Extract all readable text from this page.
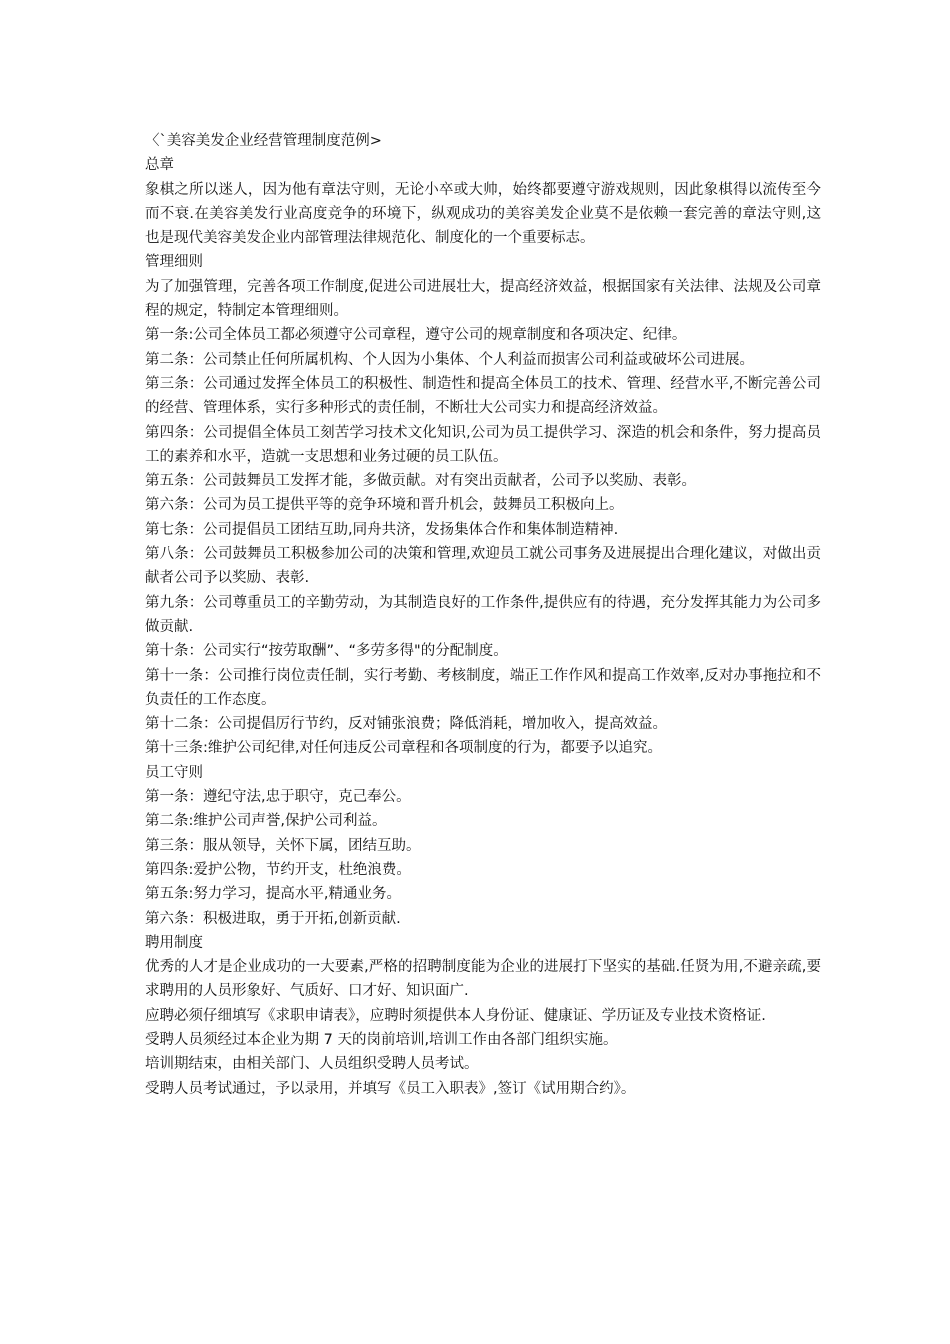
〈`美容美发企业经营管理制度范例>

总章

象棋之所以迷人，因为他有章法守则，无论小卒或大帅，始终都要遵守游戏规则，因此象棋得以流传至今而不衰.在美容美发行业高度竞争的环境下，纵观成功的美容美发企业莫不是依赖一套完善的章法守则,这也是现代美容美发企业内部管理法律规范化、制度化的一个重要标志。

管理细则

为了加强管理，完善各项工作制度,促进公司进展壮大，提高经济效益，根据国家有关法律、法规及公司章程的规定，特制定本管理细则。

第一条:公司全体员工都必须遵守公司章程，遵守公司的规章制度和各项决定、纪律。

第二条：公司禁止任何所属机构、个人因为小集体、个人利益而损害公司利益或破坏公司进展。

第三条：公司通过发挥全体员工的积极性、制造性和提高全体员工的技术、管理、经营水平,不断完善公司的经营、管理体系，实行多种形式的责任制，不断壮大公司实力和提高经济效益。

第四条：公司提倡全体员工刻苦学习技术文化知识,公司为员工提供学习、深造的机会和条件，努力提高员工的素养和水平，造就一支思想和业务过硬的员工队伍。

第五条：公司鼓舞员工发挥才能，多做贡献。对有突出贡献者，公司予以奖励、表彰。

第六条：公司为员工提供平等的竞争环境和晋升机会，鼓舞员工积极向上。

第七条：公司提倡员工团结互助,同舟共济，发扬集体合作和集体制造精神.

第八条：公司鼓舞员工积极参加公司的决策和管理,欢迎员工就公司事务及进展提出合理化建议，对做出贡献者公司予以奖励、表彰.

第九条：公司尊重员工的辛勤劳动，为其制造良好的工作条件,提供应有的待遇，充分发挥其能力为公司多做贡献.

第十条：公司实行“按劳取酬”、“多劳多得"的分配制度。

第十一条：公司推行岗位责任制，实行考勤、考核制度，端正工作作风和提高工作效率,反对办事拖拉和不负责任的工作态度。

第十二条：公司提倡厉行节约，反对铺张浪费；降低消耗，增加收入，提高效益。

第十三条:维护公司纪律,对任何违反公司章程和各项制度的行为，都要予以追究。

员工守则

第一条：遵纪守法,忠于职守，克己奉公。

第二条:维护公司声誉,保护公司利益。

第三条：服从领导，关怀下属，团结互助。

第四条:爱护公物，节约开支，杜绝浪费。

第五条:努力学习，提高水平,精通业务。

第六条：积极进取，勇于开拓,创新贡献.

聘用制度

优秀的人才是企业成功的一大要素,严格的招聘制度能为企业的进展打下坚实的基础.任贤为用,不避亲疏,要求聘用的人员形象好、气质好、口才好、知识面广.

应聘必须仔细填写《求职申请表》，应聘时须提供本人身份证、健康证、学历证及专业技术资格证.

受聘人员须经过本企业为期 7 天的岗前培训,培训工作由各部门组织实施。

培训期结束，由相关部门、人员组织受聘人员考试。

受聘人员考试通过，予以录用，并填写《员工入职表》,签订《试用期合约》。
